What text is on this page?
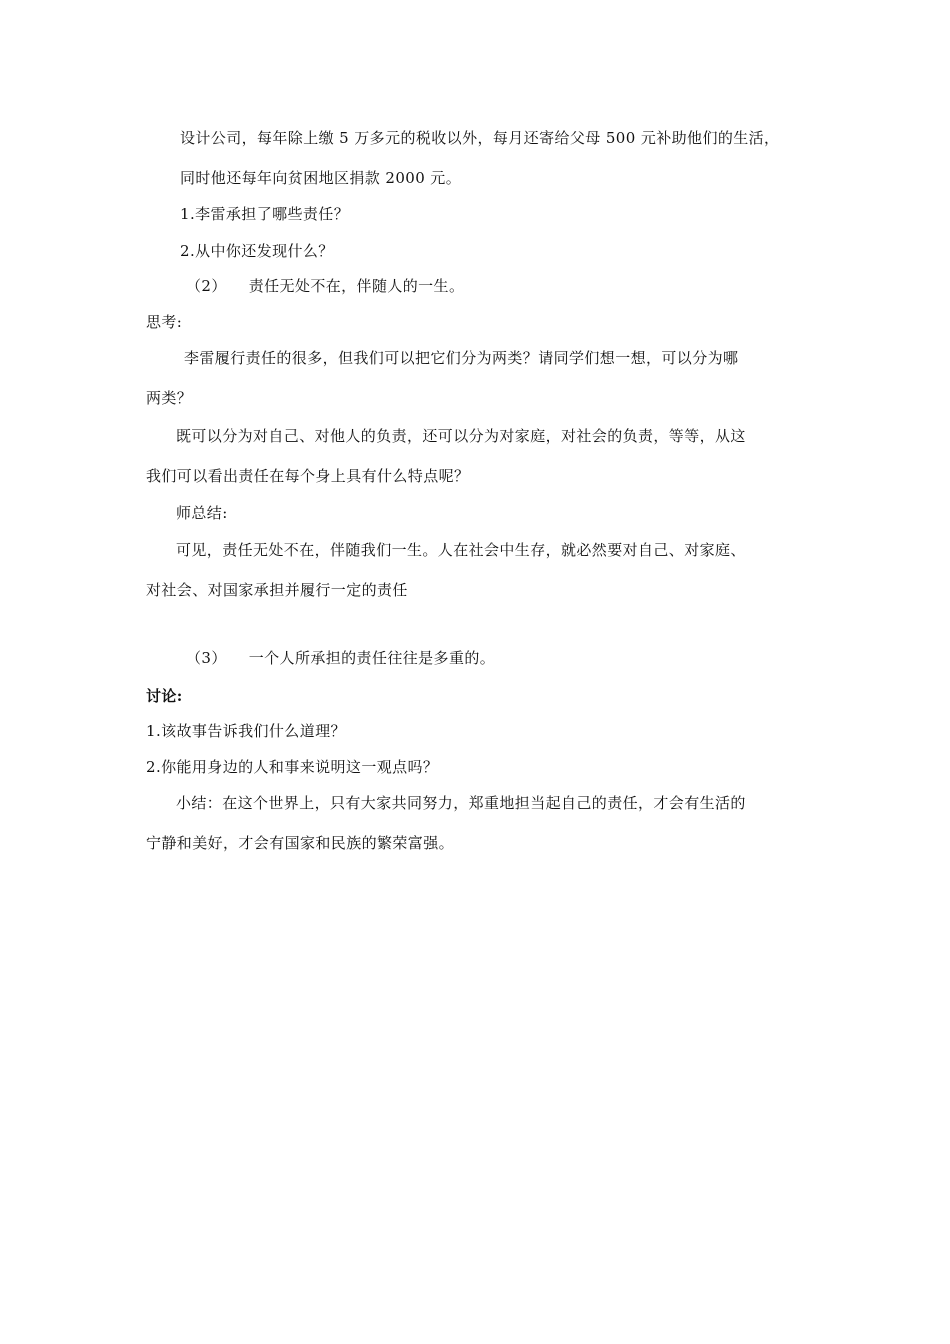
设计公司，每年除上缴 5 万多元的税收以外，每月还寄给父母 500 元补助他们的生活，
同时他还每年向贫困地区捐款 2000 元。
1.李雷承担了哪些责任？
2.从中你还发现什么？
（2） 责任无处不在，伴随人的一生。
思考:
李雷履行责任的很多，但我们可以把它们分为两类？请同学们想一想，可以分为哪
两类？
既可以分为对自己、对他人的负责，还可以分为对家庭，对社会的负责，等等，从这
我们可以看出责任在每个身上具有什么特点呢？
师总结:
可见，责任无处不在，伴随我们一生。人在社会中生存，就必然要对自己、对家庭、
对社会、对国家承担并履行一定的责任
（3） 一个人所承担的责任往往是多重的。
讨论:
1.该故事告诉我们什么道理？
2.你能用身边的人和事来说明这一观点吗？
小结：在这个世界上，只有大家共同努力，郑重地担当起自己的责任，才会有生活的
宁静和美好，才会有国家和民族的繁荣富强。
